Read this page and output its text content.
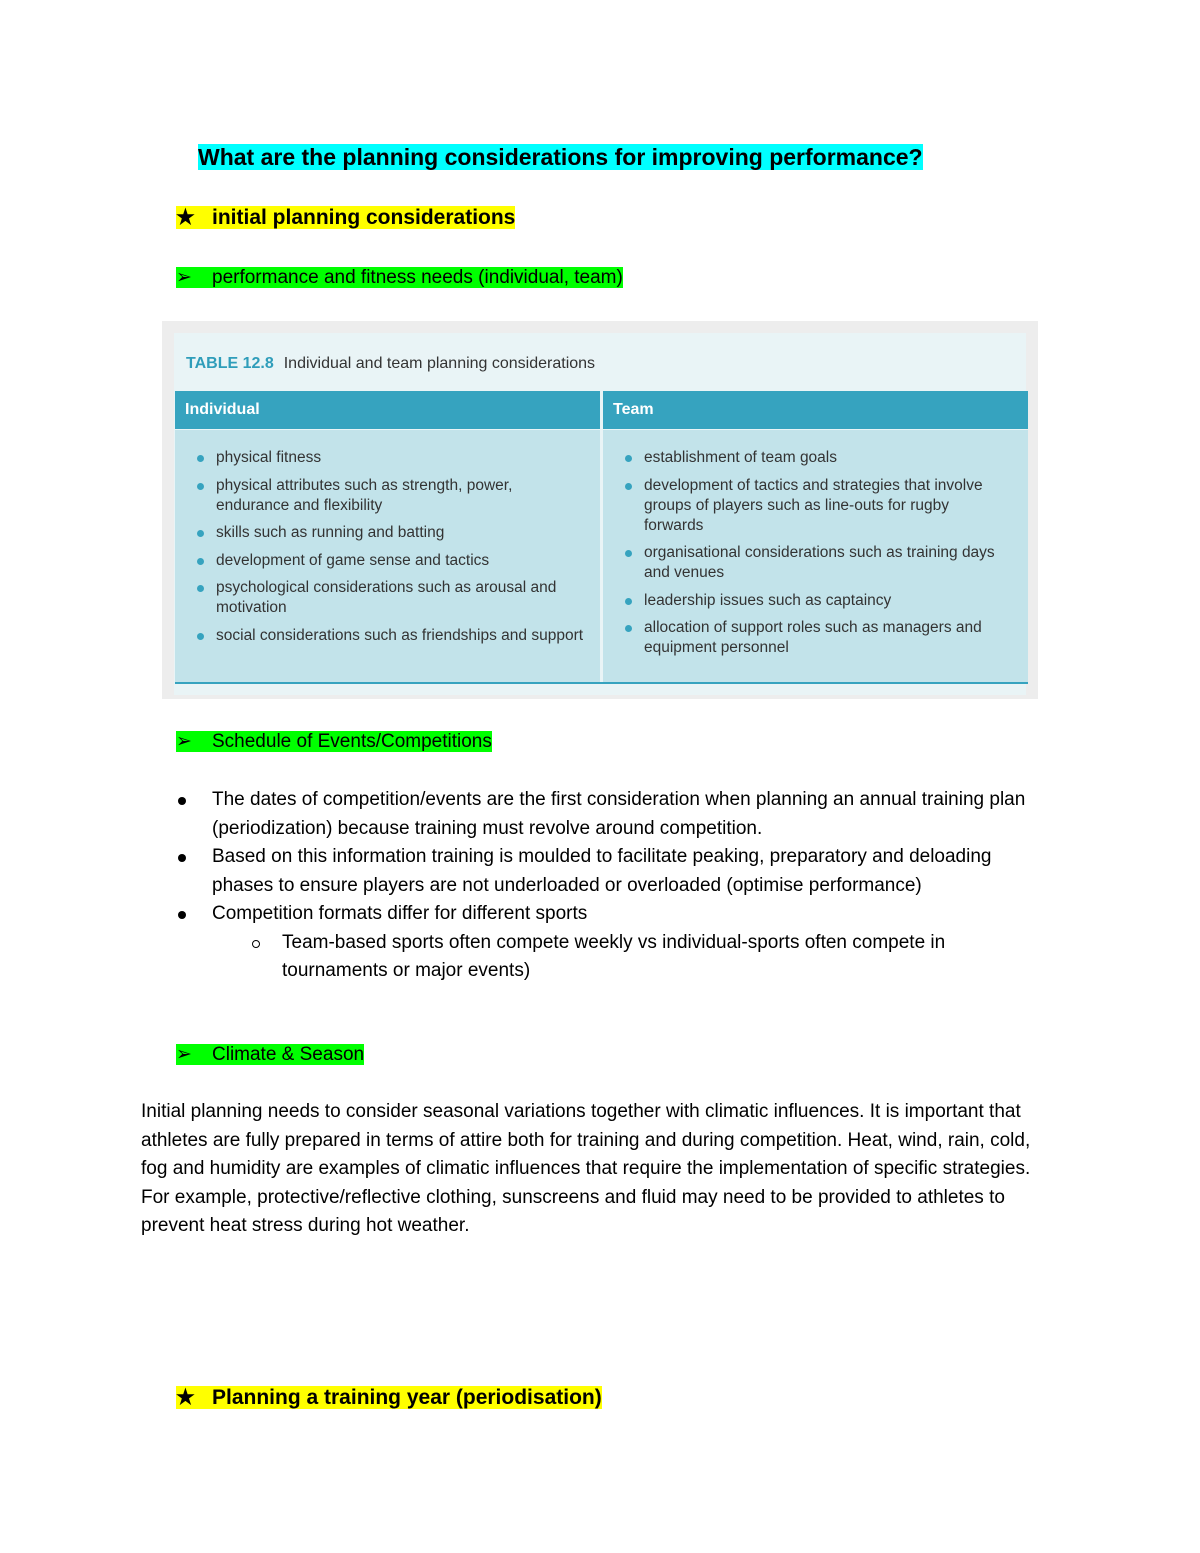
What are the planning considerations for improving performance?
★ initial planning considerations
➢ performance and fitness needs (individual, team)
TABLE 12.8 Individual and team planning considerations
Individual	Team
physical fitness
physical attributes such as strength, power, endurance and flexibility
skills such as running and batting
development of game sense and tactics
psychological considerations such as arousal and motivation
social considerations such as friendships and support
establishment of team goals
development of tactics and strategies that involve groups of players such as line-outs for rugby forwards
organisational considerations such as training days and venues
leadership issues such as captaincy
allocation of support roles such as managers and equipment personnel
➢ Schedule of Events/Competitions
The dates of competition/events are the first consideration when planning an annual training plan (periodization) because training must revolve around competition.
Based on this information training is moulded to facilitate peaking, preparatory and deloading phases to ensure players are not underloaded or overloaded (optimise performance)
Competition formats differ for different sports
Team-based sports often compete weekly vs individual-sports often compete in tournaments or major events)
➢ Climate & Season
Initial planning needs to consider seasonal variations together with climatic influences. It is important that athletes are fully prepared in terms of attire both for training and during competition. Heat, wind, rain, cold, fog and humidity are examples of climatic influences that require the implementation of specific strategies. For example, protective/reflective clothing, sunscreens and fluid may need to be provided to athletes to prevent heat stress during hot weather.
★ Planning a training year (periodisation)
